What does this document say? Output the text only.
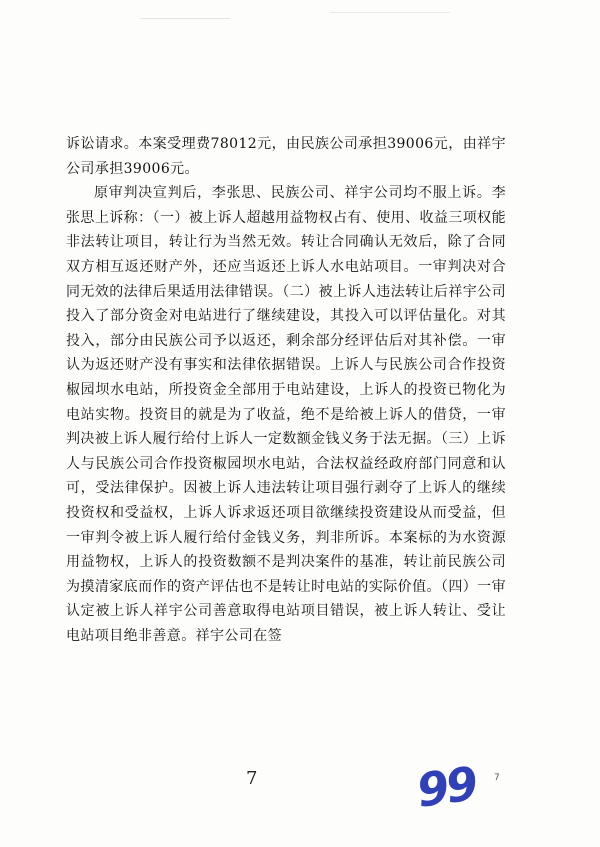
诉讼请求。本案受理费78012元，由民族公司承担39006元，由祥宇公司承担39006元。

原审判决宣判后，李张思、民族公司、祥宇公司均不服上诉。李张思上诉称：（一）被上诉人超越用益物权占有、使用、收益三项权能非法转让项目，转让行为当然无效。转让合同确认无效后，除了合同双方相互返还财产外，还应当返还上诉人水电站项目。一审判决对合同无效的法律后果适用法律错误。（二）被上诉人违法转让后祥宇公司投入了部分资金对电站进行了继续建设，其投入可以评估量化。对其投入，部分由民族公司予以返还，剩余部分经评估后对其补偿。一审认为返还财产没有事实和法律依据错误。上诉人与民族公司合作投资椒园坝水电站，所投资金全部用于电站建设，上诉人的投资已物化为电站实物。投资目的就是为了收益，绝不是给被上诉人的借贷，一审判决被上诉人履行给付上诉人一定数额金钱义务于法无据。（三）上诉人与民族公司合作投资椒园坝水电站，合法权益经政府部门同意和认可，受法律保护。因被上诉人违法转让项目强行剥夺了上诉人的继续投资权和受益权，上诉人诉求返还项目欲继续投资建设从而受益，但一审判令被上诉人履行给付金钱义务，判非所诉。本案标的为水资源用益物权，上诉人的投资数额不是判决案件的基准，转让前民族公司为摸清家底而作的资产评估也不是转让时电站的实际价值。（四）一审认定被上诉人祥宇公司善意取得电站项目错误，被上诉人转让、受让电站项目绝非善意。祥宇公司在签

7	99 7
